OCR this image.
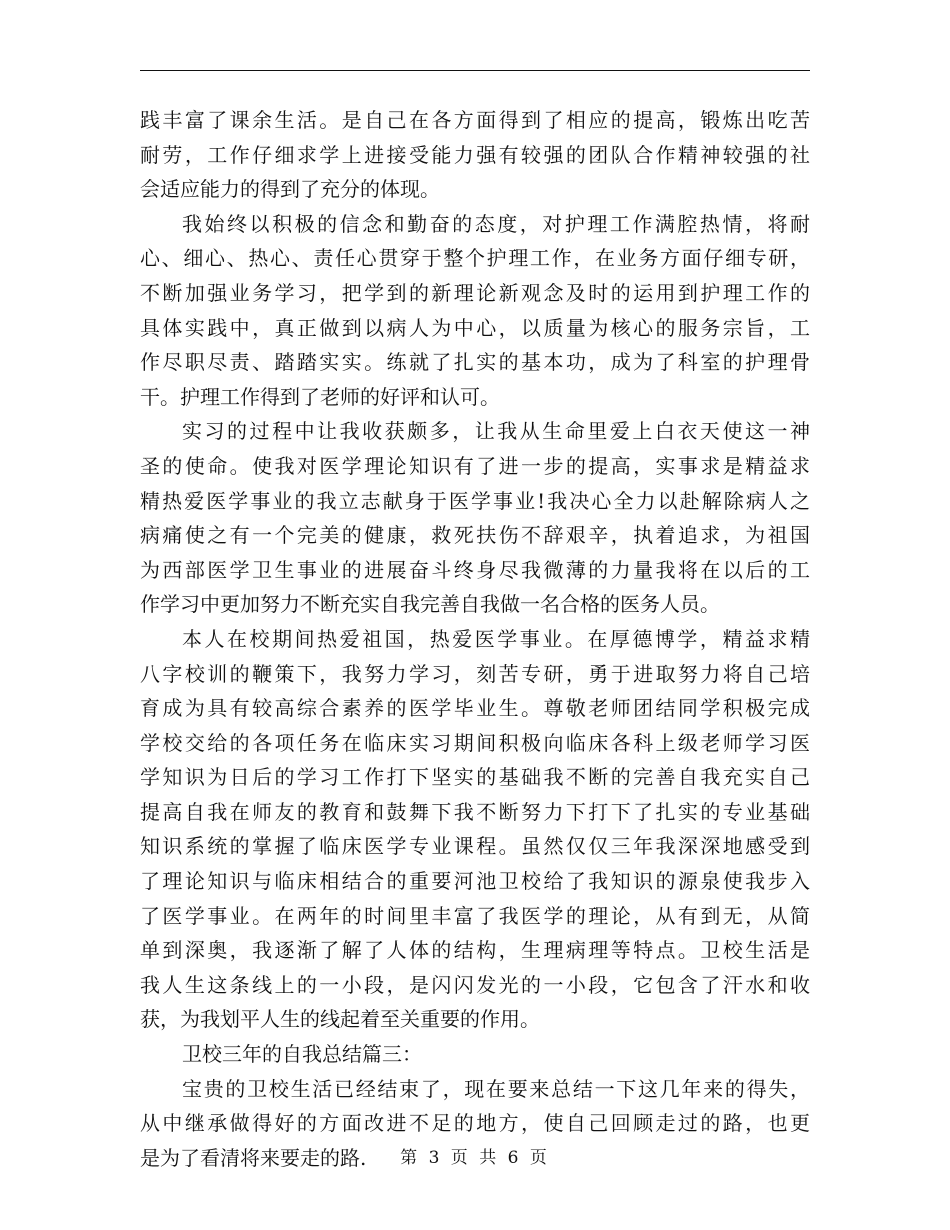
践丰富了课余生活。是自己在各方面得到了相应的提高，锻炼出吃苦
耐劳，工作仔细求学上进接受能力强有较强的团队合作精神较强的社
会适应能力的得到了充分的体现。
我始终以积极的信念和勤奋的态度，对护理工作满腔热情，将耐
心、细心、热心、责任心贯穿于整个护理工作，在业务方面仔细专研，
不断加强业务学习，把学到的新理论新观念及时的运用到护理工作的
具体实践中，真正做到以病人为中心，以质量为核心的服务宗旨，工
作尽职尽责、踏踏实实。练就了扎实的基本功，成为了科室的护理骨
干。护理工作得到了老师的好评和认可。
实习的过程中让我收获颇多，让我从生命里爱上白衣天使这一神
圣的使命。使我对医学理论知识有了进一步的提高，实事求是精益求
精热爱医学事业的我立志献身于医学事业!我决心全力以赴解除病人之
病痛使之有一个完美的健康，救死扶伤不辞艰辛，执着追求，为祖国
为西部医学卫生事业的进展奋斗终身尽我微薄的力量我将在以后的工
作学习中更加努力不断充实自我完善自我做一名合格的医务人员。
本人在校期间热爱祖国，热爱医学事业。在厚德博学，精益求精
八字校训的鞭策下，我努力学习，刻苦专研，勇于进取努力将自己培
育成为具有较高综合素养的医学毕业生。尊敬老师团结同学积极完成
学校交给的各项任务在临床实习期间积极向临床各科上级老师学习医
学知识为日后的学习工作打下坚实的基础我不断的完善自我充实自己
提高自我在师友的教育和鼓舞下我不断努力下打下了扎实的专业基础
知识系统的掌握了临床医学专业课程。虽然仅仅三年我深深地感受到
了理论知识与临床相结合的重要河池卫校给了我知识的源泉使我步入
了医学事业。在两年的时间里丰富了我医学的理论，从有到无，从简
单到深奥，我逐渐了解了人体的结构，生理病理等特点。卫校生活是
我人生这条线上的一小段，是闪闪发光的一小段，它包含了汗水和收
获，为我划平人生的线起着至关重要的作用。
卫校三年的自我总结篇三：
宝贵的卫校生活已经结束了，现在要来总结一下这几年来的得失，
从中继承做得好的方面改进不足的地方，使自己回顾走过的路，也更
是为了看清将来要走的路.	第 3 页 共 6 页
